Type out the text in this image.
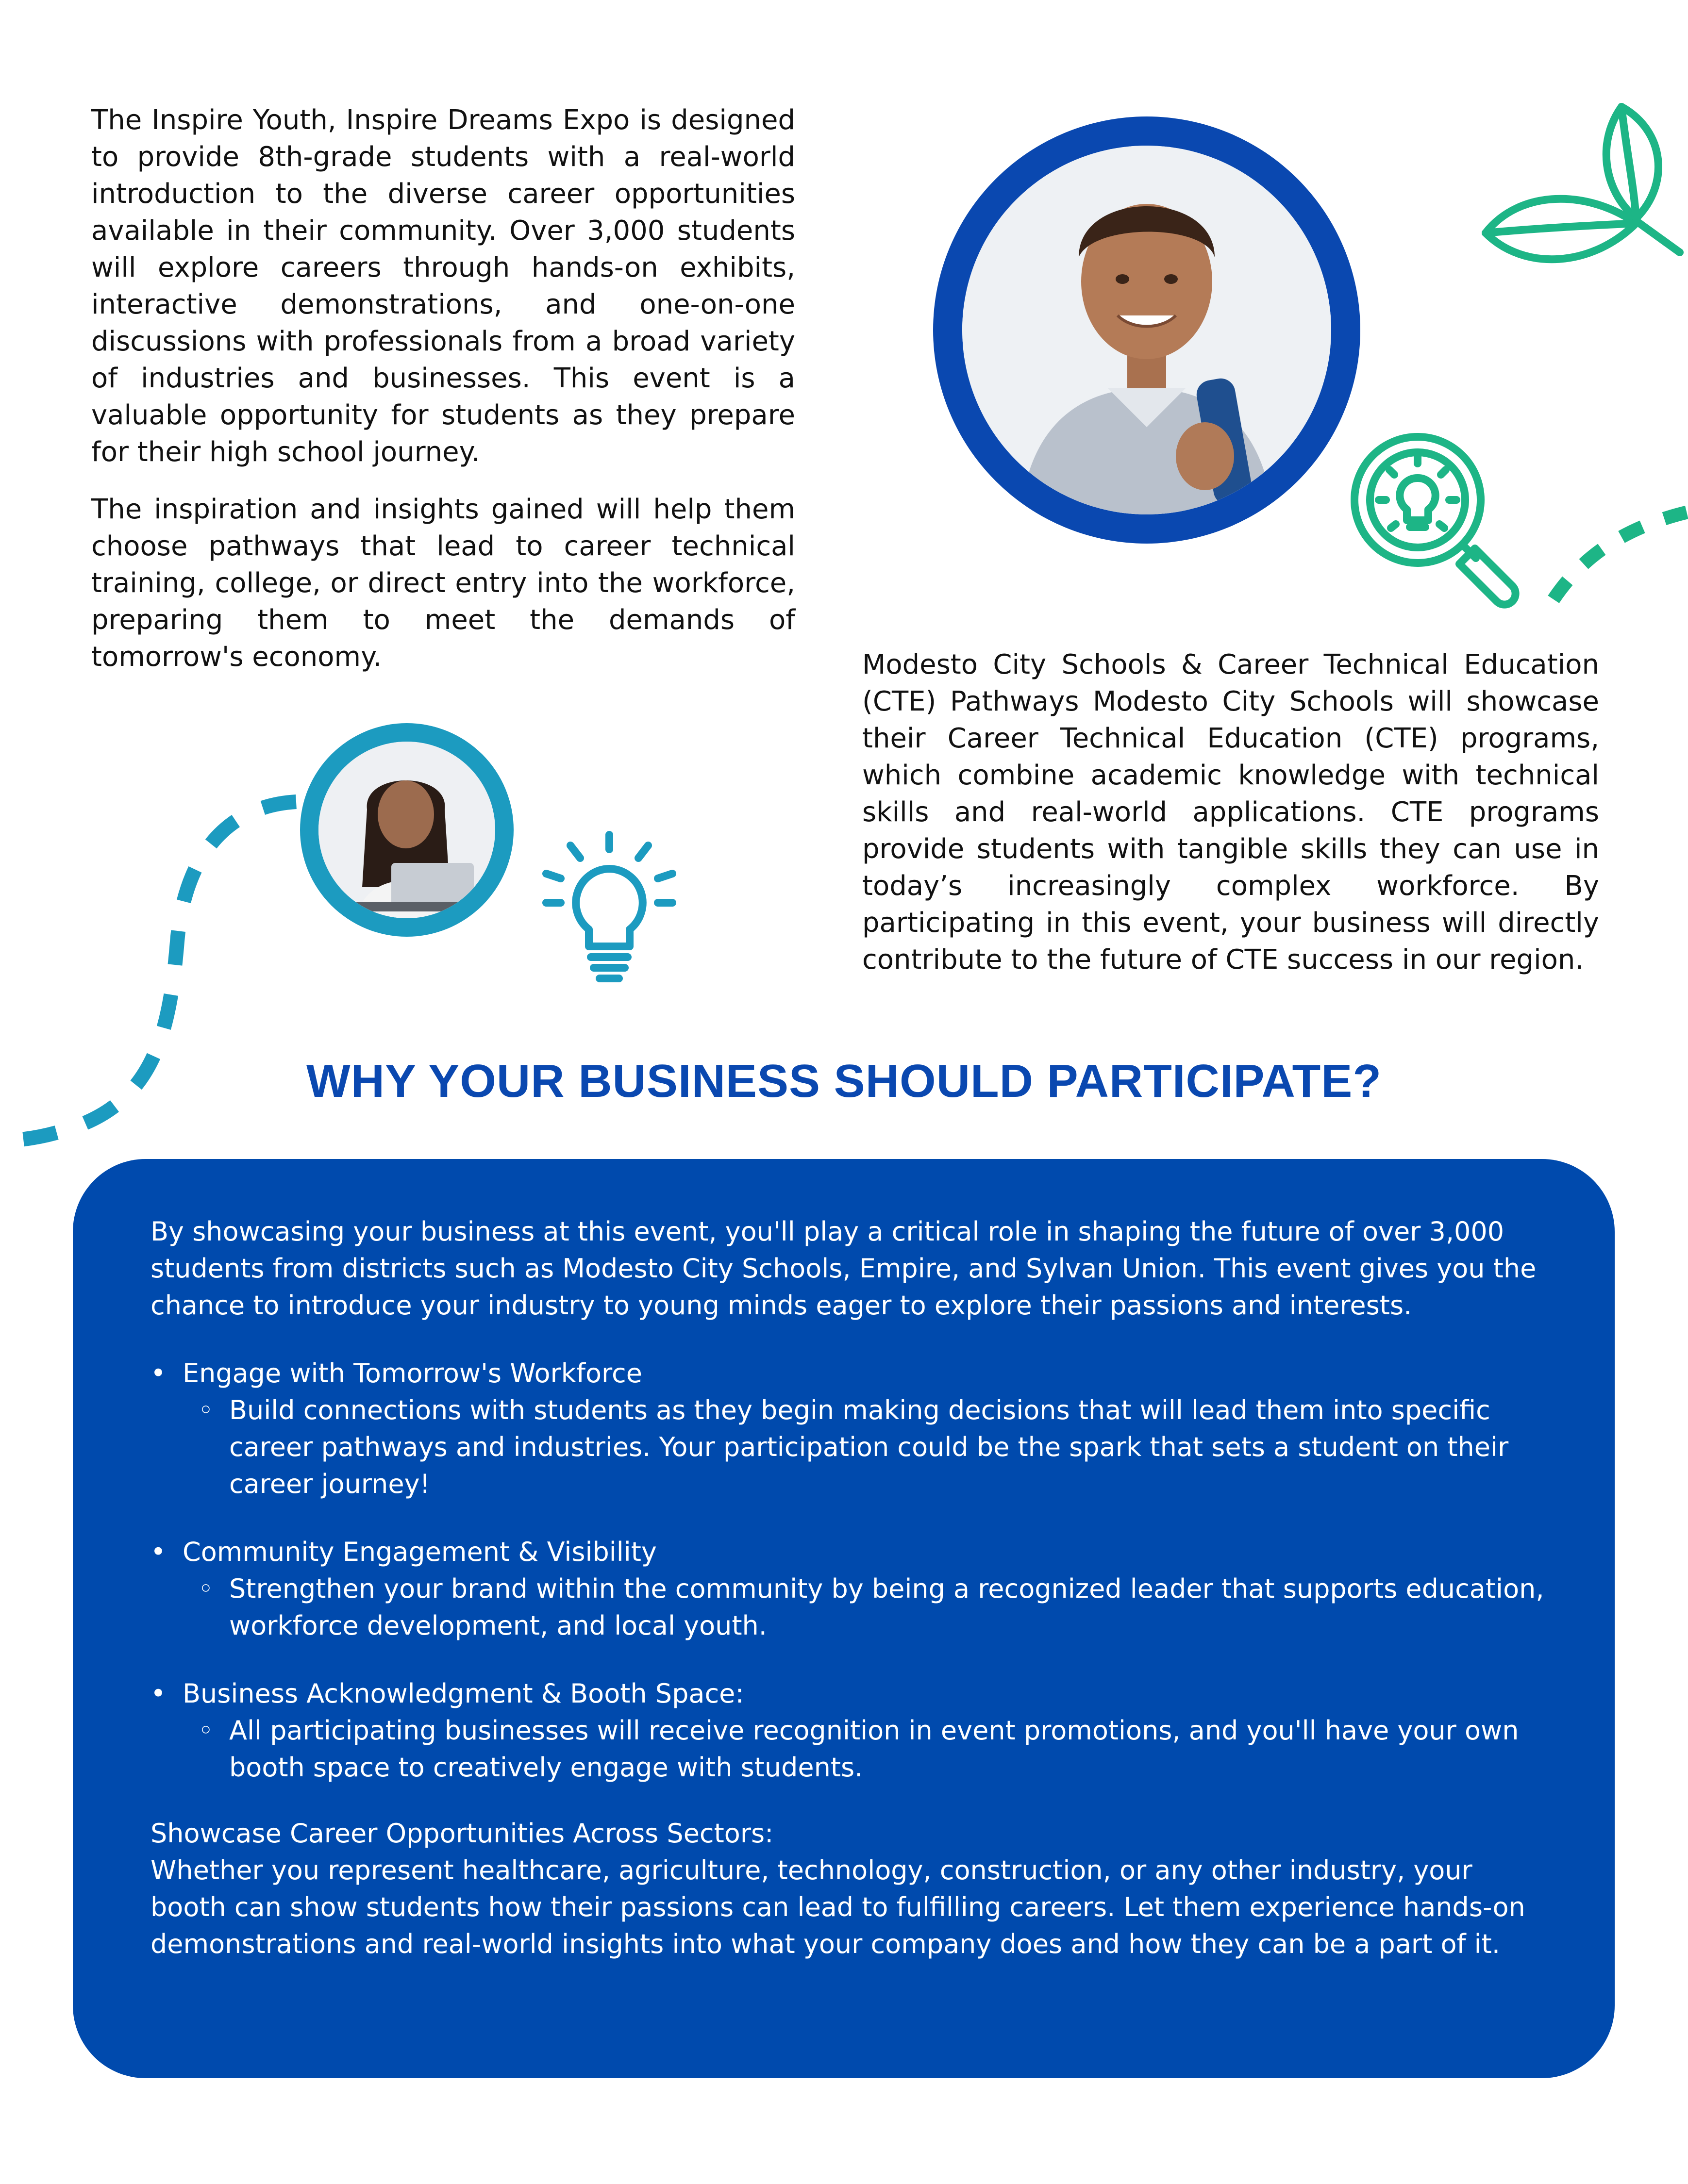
The Inspire Youth, Inspire Dreams Expo is designed to provide 8th-grade students with a real-world introduction to the diverse career opportunities available in their community. Over 3,000 students will explore careers through hands-on exhibits, interactive demonstrations, and one-on-one discussions with professionals from a broad variety of industries and businesses. This event is a valuable opportunity for students as they prepare for their high school journey.

The inspiration and insights gained will help them choose pathways that lead to career technical training, college, or direct entry into the workforce, preparing them to meet the demands of tomorrow's economy.	Modesto City Schools & Career Technical Education (CTE) Pathways Modesto City Schools will showcase their Career Technical Education (CTE) programs, which combine academic knowledge with technical skills and real-world applications. CTE programs provide students with tangible skills they can use in today’s increasingly complex workforce. By participating in this event, your business will directly contribute to the future of CTE success in our region.

WHY YOUR BUSINESS SHOULD PARTICIPATE?

By showcasing your business at this event, you'll play a critical role in shaping the future of over 3,000 students from districts such as Modesto City Schools, Empire, and Sylvan Union. This event gives you the chance to introduce your industry to young minds eager to explore their passions and interests.

• Engage with Tomorrow's Workforce
◦ Build connections with students as they begin making decisions that will lead them into specific career pathways and industries. Your participation could be the spark that sets a student on their career journey!
• Community Engagement & Visibility
◦ Strengthen your brand within the community by being a recognized leader that supports education, workforce development, and local youth.
• Business Acknowledgment & Booth Space:
◦ All participating businesses will receive recognition in event promotions, and you'll have your own booth space to creatively engage with students.

Showcase Career Opportunities Across Sectors:

Whether you represent healthcare, agriculture, technology, construction, or any other industry, your booth can show students how their passions can lead to fulfilling careers. Let them experience hands-on demonstrations and real-world insights into what your company does and how they can be a part of it.
